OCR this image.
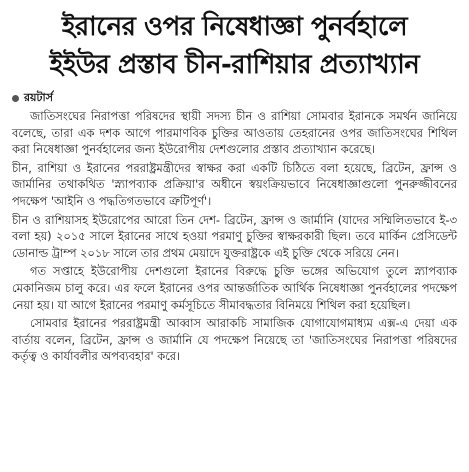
ইরানের ওপর নিষেধাজ্ঞা পুনর্বহালে
ইইউর প্রস্তাব চীন-রাশিয়ার প্রত্যাখ্যান
রয়টার্স

জাতিসংঘের নিরাপত্তা পরিষদের স্থায়ী সদস্য চীন ও রাশিয়া সোমবার ইরানকে সমর্থন জানিয়ে বলেছে, তারা এক দশক আগে পারমাণবিক চুক্তির আওতায় তেহরানের ওপর জাতিসংঘের শিথিল করা নিষেধাজ্ঞা পুনর্বহালের জন্য ইউরোপীয় দেশগুলোর প্রস্তাব প্রত্যাখ্যান করেছে।

চীন, রাশিয়া ও ইরানের পররাষ্ট্রমন্ত্রীদের স্বাক্ষর করা একটি চিঠিতে বলা হয়েছে, ব্রিটেন, ফ্রান্স ও জার্মানির তথাকথিত 'স্ন্যাপব্যাক প্রক্রিয়া'র অধীনে স্বয়ংক্রিয়ভাবে নিষেধাজ্ঞাগুলো পুনরুজ্জীবনের পদক্ষেপ 'আইনি ও পদ্ধতিগতভাবে ত্রুটিপূর্ণ'।

চীন ও রাশিয়াসহ ইউরোপের আরো তিন দেশ- ব্রিটেন, ফ্রান্স ও জার্মানি (যাদের সম্মিলিতভাবে ই-৩ বলা হয়) ২০১৫ সালে ইরানের সাথে হওয়া পরমাণু চুক্তির স্বাক্ষরকারী ছিল। তবে মার্কিন প্রেসিডেন্ট ডোনাল্ড ট্রাম্প ২০১৮ সালে তার প্রথম মেয়াদে যুক্তরাষ্ট্রকে এই চুক্তি থেকে সরিয়ে নেন।

গত সপ্তাহে ইউরোপীয় দেশগুলো ইরানের বিরুদ্ধে চুক্তি ভঙ্গের অভিযোগ তুলে স্ন্যাপব্যাক মেকানিজম চালু করে। এর ফলে ইরানের ওপর আন্তর্জাতিক আর্থিক নিষেধাজ্ঞা পুনর্বহালের পদক্ষেপ নেয়া হয়। যা আগে ইরানের পরমাণু কর্মসূচিতে সীমাবদ্ধতার বিনিময়ে শিথিল করা হয়েছিল।

সোমবার ইরানের পররাষ্ট্রমন্ত্রী আব্বাস আরাকচি সামাজিক যোগাযোগমাধ্যম এক্স-এ দেয়া এক বার্তায় বলেন, ব্রিটেন, ফ্রান্স ও জার্মানি যে পদক্ষেপ নিয়েছে তা 'জাতিসংঘের নিরাপত্তা পরিষদের কর্তৃত্ব ও কার্যাবলীর অপব্যবহার' করে।
